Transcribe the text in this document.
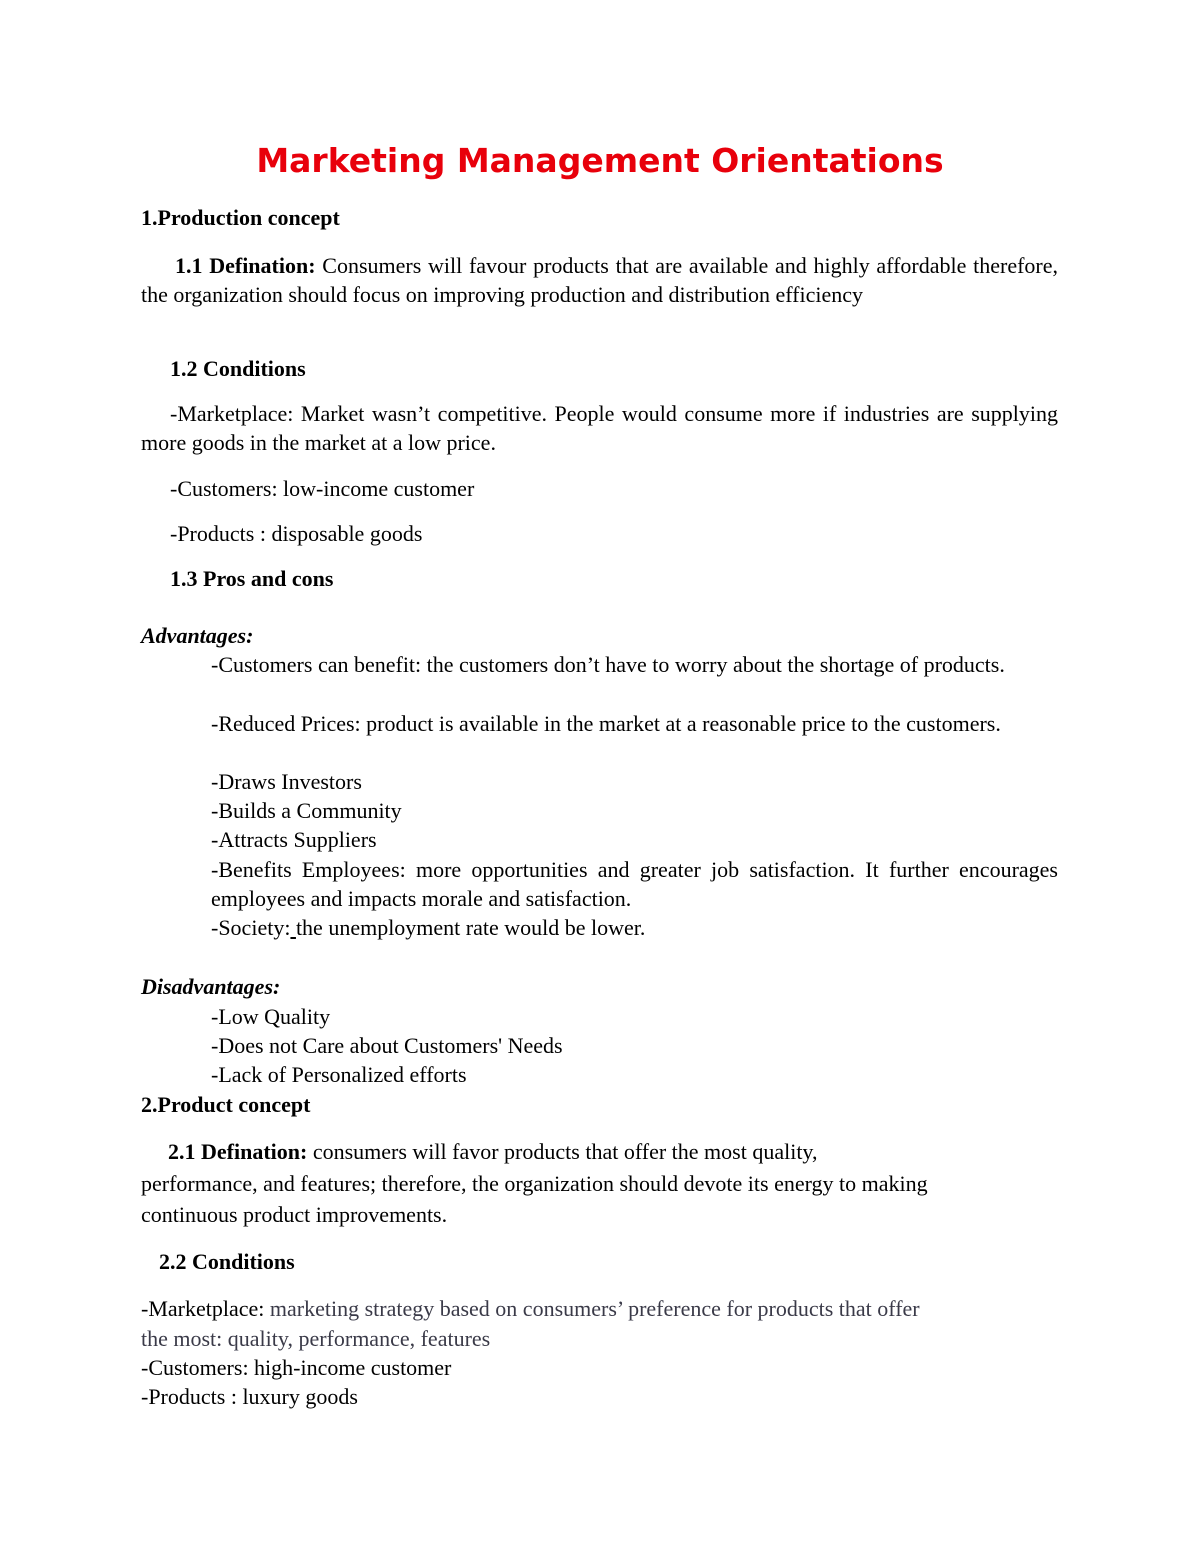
Marketing Management Orientations

1.Production concept

1.1 Defination: Consumers will favour products that are available and highly affordable therefore, the organization should focus on improving production and distribution efficiency

1.2 Conditions

-Marketplace: Market wasn’t competitive. People would consume more if industries are supplying more goods in the market at a low price.

-Customers: low-income customer

-Products : disposable goods

1.3 Pros and cons

Advantages:

-Customers can benefit: the customers don’t have to worry about the shortage of products.

-Reduced Prices: product is available in the market at a reasonable price to the customers.

-Draws Investors

-Builds a Community

-Attracts Suppliers

-Benefits Employees: more opportunities and greater job satisfaction. It further encourages employees and impacts morale and satisfaction.

-Society: the unemployment rate would be lower.

Disadvantages:

-Low Quality

-Does not Care about Customers' Needs

-Lack of Personalized efforts

2.Product concept

2.1 Defination: consumers will favor products that offer the most quality,

performance, and features; therefore, the organization should devote its energy to making

continuous product improvements.

2.2 Conditions

-Marketplace: marketing strategy based on consumers’ preference for products that offer

the most: quality, performance, features

-Customers: high-income customer

-Products : luxury goods
